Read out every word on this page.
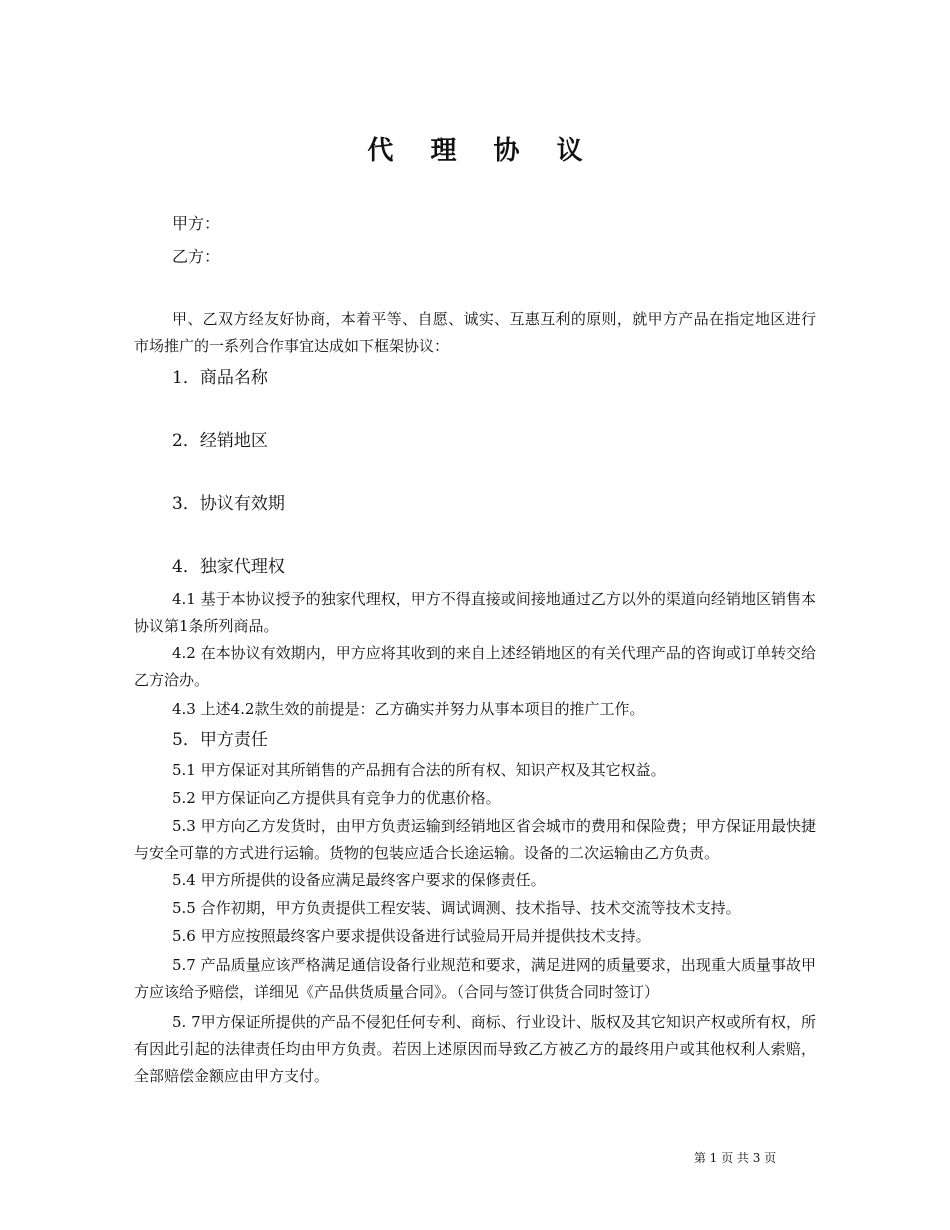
代 理 协 议
甲方：
乙方：
甲、乙双方经友好协商，本着平等、自愿、诚实、互惠互利的原则，就甲方产品在指定地区进行市场推广的一系列合作事宜达成如下框架协议：
1．商品名称
2．经销地区
3．协议有效期
4．独家代理权
4.1 基于本协议授予的独家代理权，甲方不得直接或间接地通过乙方以外的渠道向经销地区销售本协议第1条所列商品。
4.2 在本协议有效期内，甲方应将其收到的来自上述经销地区的有关代理产品的咨询或订单转交给乙方洽办。
4.3 上述4.2款生效的前提是：乙方确实并努力从事本项目的推广工作。
5．甲方责任
5.1 甲方保证对其所销售的产品拥有合法的所有权、知识产权及其它权益。
5.2 甲方保证向乙方提供具有竞争力的优惠价格。
5.3 甲方向乙方发货时，由甲方负责运输到经销地区省会城市的费用和保险费；甲方保证用最快捷与安全可靠的方式进行运输。货物的包装应适合长途运输。设备的二次运输由乙方负责。
5.4 甲方所提供的设备应满足最终客户要求的保修责任。
5.5 合作初期，甲方负责提供工程安装、调试调测、技术指导、技术交流等技术支持。
5.6 甲方应按照最终客户要求提供设备进行试验局开局并提供技术支持。
5.7 产品质量应该严格满足通信设备行业规范和要求，满足进网的质量要求，出现重大质量事故甲方应该给予赔偿，详细见《产品供货质量合同》。（合同与签订供货合同时签订）
5. 7甲方保证所提供的产品不侵犯任何专利、商标、行业设计、版权及其它知识产权或所有权，所有因此引起的法律责任均由甲方负责。若因上述原因而导致乙方被乙方的最终用户或其他权利人索赔，全部赔偿金额应由甲方支付。
第 1 页 共 3 页
